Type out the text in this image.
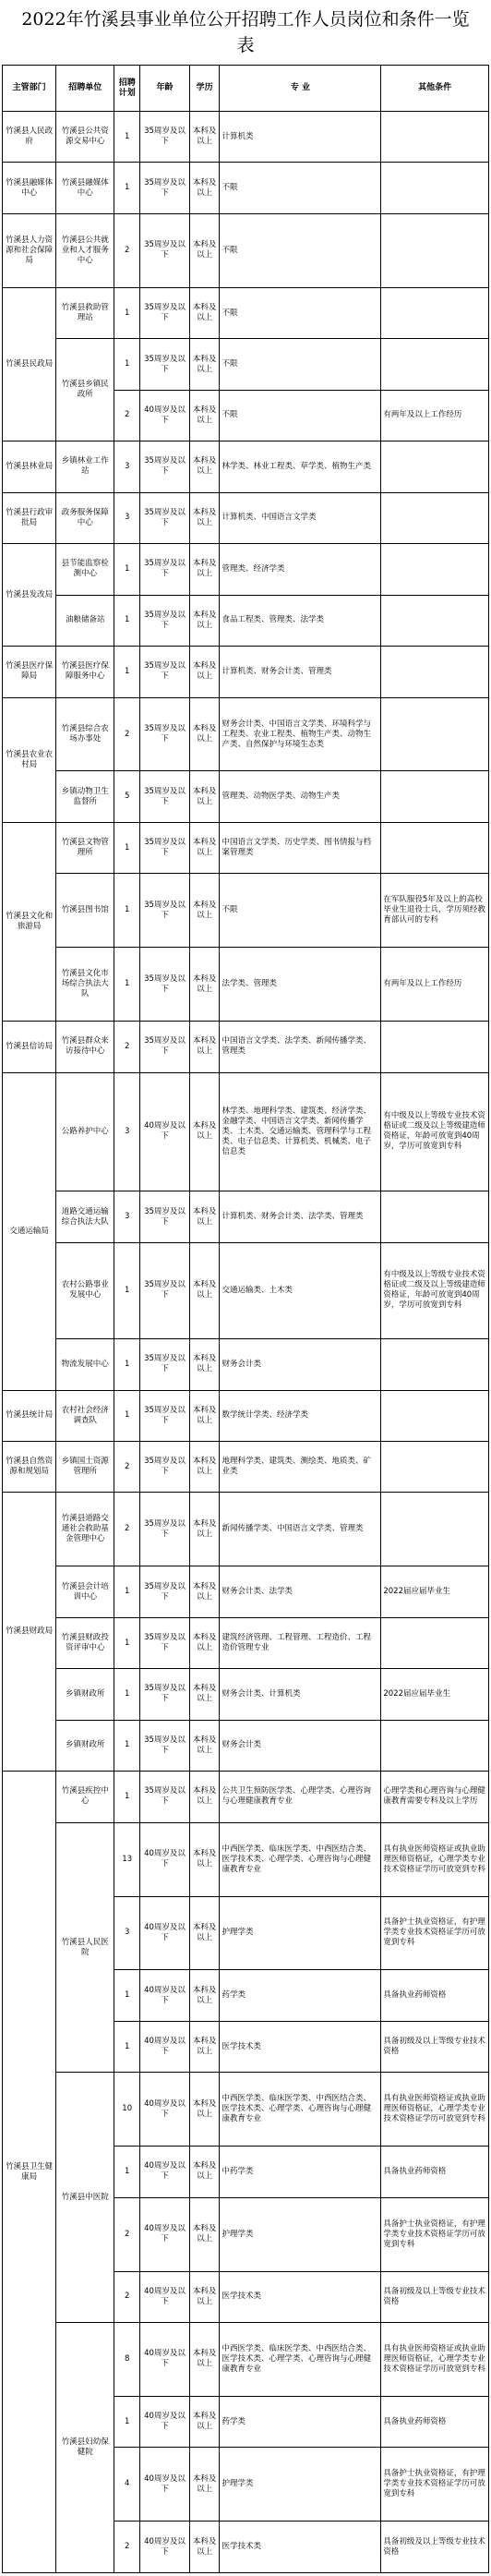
2022年竹溪县事业单位公开招聘工作人员岗位和条件一览表
主管部门	招聘单位	招聘计划	年龄	学历	专 业	其他条件
竹溪县人民政府	竹溪县公共资源交易中心	1	35周岁及以下	本科及以上	计算机类	
竹溪县融媒体中心	竹溪县融媒体中心	1	35周岁及以下	本科及以上	不限	
竹溪县人力资源和社会保障局	竹溪县公共就业和人才服务中心	2	35周岁及以下	本科及以上	不限	
竹溪县民政局	竹溪县救助管理站	1	35周岁及以下	本科及以上	不限	
	竹溪县乡镇民政所	1	35周岁及以下	本科及以上	不限	
		2	40周岁及以下	本科及以上	不限	有两年及以上工作经历
竹溪县林业局	乡镇林业工作站	3	35周岁及以下	本科及以上	林学类、林业工程类、草学类、植物生产类	
竹溪县行政审批局	政务服务保障中心	3	35周岁及以下	本科及以上	计算机类、中国语言文学类	
竹溪县发改局	县节能监察检测中心	1	35周岁及以下	本科及以上	管理类、经济学类	
	油粮储备站	1	35周岁及以下	本科及以上	食品工程类、管理类、法学类	
竹溪县医疗保障局	竹溪县医疗保障服务中心	1	35周岁及以下	本科及以上	计算机类、财务会计类、管理类	
竹溪县农业农村局	竹溪县综合农场办事处	2	35周岁及以下	本科及以上	财务会计类、中国语言文学类、环境科学与工程类、农业工程类、植物生产类、动物生产类、自然保护与环境生态类	
	乡镇动物卫生监督所	5	35周岁及以下	本科及以上	管理类、动物医学类、动物生产类	
竹溪县文化和旅游局	竹溪县文物管理所	1	35周岁及以下	本科及以上	中国语言文学类、历史学类、图书情报与档案管理类	
	竹溪县图书馆	1	35周岁及以下	本科及以上	不限	在军队服役5年及以上的高校毕业生退役士兵，学历须经教育部认可的专科
	竹溪县文化市场综合执法大队	1	35周岁及以下	本科及以上	法学类、管理类	有两年及以上工作经历
竹溪县信访局	竹溪县群众来访接待中心	2	35周岁及以下	本科及以上	中国语言文学类、法学类、新闻传播学类、管理类	
交通运输局	公路养护中心	3	40周岁及以下	本科及以上	林学类、地理科学类、建筑类、经济学类、金融学类、中国语言文学类、新闻传播学类、土木类、交通运输类、管理科学与工程类、电子信息类、计算机类、机械类、电子信息类	有中级及以上等级专业技术资格证或二级及以上等级建造师资格证，年龄可放宽到40周岁，学历可放宽到专科
	道路交通运输综合执法大队	3	35周岁及以下	本科及以上	计算机类、财务会计类、法学类、管理类	
	农村公路事业发展中心	1	35周岁及以下	本科及以上	交通运输类、土木类	有中级及以上等级专业技术资格证或二级及以上等级建造师资格证，年龄可放宽到40周岁，学历可放宽到专科
	物流发展中心	1	35周岁及以下	本科及以上	财务会计类	
竹溪县统计局	农村社会经济调查队	1	35周岁及以下	本科及以上	数学统计学类、经济学类	
竹溪县自然资源和规划局	乡镇国土资源管理所	2	35周岁及以下	本科及以上	地理科学类、建筑类、测绘类、地质类、矿业类	
竹溪县财政局	竹溪县道路交通社会救助基金管理中心	2	35周岁及以下	本科及以上	新闻传播学类、中国语言文学类、管理类	
	竹溪县会计培训中心	1	35周岁及以下	本科及以上	财务会计类、法学类	2022届应届毕业生
	竹溪县财政投资评审中心	1	35周岁及以下	本科及以上	建筑经济管理、工程管理、工程造价、工程造价管理专业	
	乡镇财政所	1	35周岁及以下	本科及以上	财务会计类、计算机类	2022届应届毕业生
	乡镇财政所	1	35周岁及以下	本科及以上	财务会计类	
竹溪县卫生健康局	竹溪县疾控中心	1	35周岁及以下	本科及以上	公共卫生预防医学类、心理学类、心理咨询与心理健康教育专业	心理学类和心理咨询与心理健康教育需要专科及以上学历
	竹溪县人民医院	13	40周岁及以下	本科及以上	中西医学类、临床医学类、中西医结合类、医学技术类、心理学类、心理咨询与心理健康教育专业	具有执业医师资格证或执业助理医师资格证，心理学类专业技术资格证学历可放宽到专科
		3	40周岁及以下	本科及以上	护理学类	具备护士执业资格证，有护理学类专业技术资格证学历可放宽到专科
		1	40周岁及以下	本科及以上	药学类	具备执业药师资格
		1	40周岁及以下	本科及以上	医学技术类	具备初级及以上等级专业技术资格
	竹溪县中医院	10	40周岁及以下	本科及以上	中西医学类、临床医学类、中西医结合类、医学技术类、心理学类、心理咨询与心理健康教育专业	具有执业医师资格证或执业助理医师资格证，心理学类专业技术资格证学历可放宽到专科
		1	40周岁及以下	本科及以上	中药学类	具备执业药师资格
		2	40周岁及以下	本科及以上	护理学类	具备护士执业资格证，有护理学类专业技术资格证学历可放宽到专科
		2	40周岁及以下	本科及以上	医学技术类	具备初级及以上等级专业技术资格
	竹溪县妇幼保健院	8	40周岁及以下	本科及以上	中西医学类、临床医学类、中西医结合类、医学技术类、心理学类、心理咨询与心理健康教育专业	具有执业医师资格证或执业助理医师资格证，心理学类专业技术资格证学历可放宽到专科
		1	40周岁及以下	本科及以上	药学类	具备执业药师资格
		4	40周岁及以下	本科及以上	护理学类	具备护士执业资格证，有护理学类专业技术资格证学历可放宽到专科
		2	40周岁及以下	本科及以上	医学技术类	具备初级及以上等级专业技术资格
